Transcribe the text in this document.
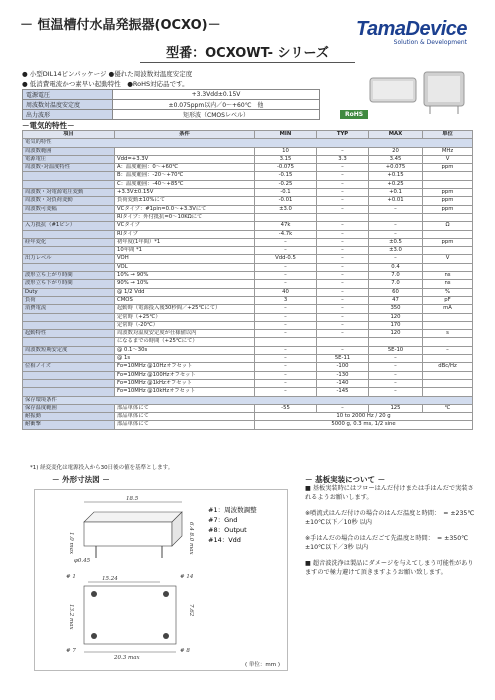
－ 恒温槽付水晶発振器(OCXO)－	TamaDevice
Solution & Development
型番：OCXOWT- シリーズ
● 小型DIL14ピンパッケージ ●優れた周波数対温度安定度
● 低消費電流かつ素早い起動特性　●RoHS対応品です。
電源電圧	+3.3Vdd±0.15V
周波数対温度安定度	±0.075ppm以内／0〜+60℃　他
出力波形	矩形波（CMOSレベル）	RoHS
－電気的特性－
項目	条件	MIN	TYP	MAX	単位
電気的特性					
周波数範囲		10	–	20	MHz
電源電圧	Vdd=+3.3V	3.15	3.3	3.45	V
周波数･対温度特性	A：温度範囲：0〜+60℃	-0.075	–	+0.075	ppm
	B：温度範囲：-20〜+70℃	-0.15	–	+0.15	
	C：温度範囲：-40〜+85℃	-0.25	–	+0.25	
周波数・対電源電圧変動	+3.3V±0.15V	-0.1	–	+0.1	ppm
周波数・対負荷変動	負荷変動±10%にて	-0.01	–	+0.01	ppm
周波数可変幅	VCタイプ：#1pin=0.0〜+3.3Vにて	±3.0	–	–	ppm
	RIタイプ：外付抵抗=0〜10KΩにて				
入力抵抗（#1ピン）	VCタイプ	47k	–	–	Ω
	RIタイプ	-4.7k	–	–	
経年変化	初年度(1年間）*1	–	–	±0.5	ppm
	10年間 *1	–	–	±3.0	
出力レベル	VOH	Vdd-0.5	–	–	V
	VOL	–	–	0.4	
波形立ち上がり時間	10% → 90%	–	–	7.0	ns
波形立ち下がり時間	90% → 10%	–	–	7.0	ns
Duty	@ 1/2 Vdd	40	–	60	%
負荷	CMOS	3	–	47	pF
消費電流	起動時（電源投入後30秒間／+25℃にて）	–	–	350	mA
	定常時（+25℃）	–	–	120	
	定常時（-20℃）	–	–	170	
起動特性	周波数対温度安定度が仕様値以内	–	–	120	s
	になるまでの時間（+25℃にて）				
周波数短期安定度	@ 0.1〜30s	–	–	5E-10	–
	@ 1s	–	5E-11	–	
位相ノイズ	Fo=10MHz @10Hzオフセット	–	-100	–	dBc/Hz
	Fo=10MHz @100Hzオフセット	–	-130	–	
	Fo=10MHz @1kHzオフセット	–	-140	–	
	Fo=10MHz @10kHzオフセット	–	-145	–	
保存環境条件					
保存温度範囲	部品単体にて	-55	–	125	℃
耐振動	部品単体にて	10 to 2000 Hz / 20 g			
耐衝撃	部品単体にて	5000 g, 0.3 ms, 1/2 sine			
*1) 経変変化は電源投入から30日後の値を基準とします。
－ 外形寸法図 －
18.5
1.0 max	6.4 8.0 max
φ0.45
15.24
# 1	# 14
# 7	# 8
13.2 max	7.62
20.3 max
#1：周波数調整
#7：Gnd
#8：Output
#14：Vdd
( 単位：mm )
－ 基板実装について －

■ 基板実装時にはフローはんだ付けまたは手はんだで実装されるようお願いします。

※噴流式はんだ付けの場合のはんだ温度と時間：　= ±235℃±10℃以下／10秒 以内

※手はんだの場合のはんだごて先温度と時間：　= ±350℃±10℃以下／3秒 以内

■ 超音波洗浄は製品にダメージを与えてしまう可能性がありますので極力避けて頂きますようお願い致します。
